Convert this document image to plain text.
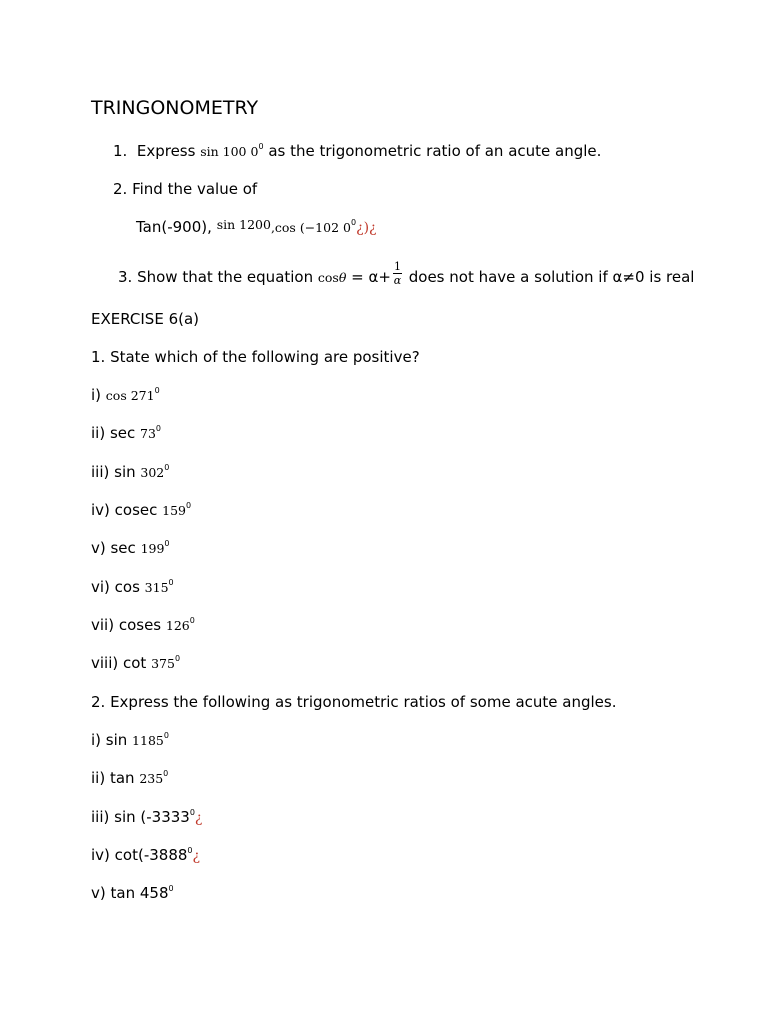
TRINGONOMETRY
1. Express sin 100 $0^0$ as the trigonometric ratio of an acute angle.
2. Find the value of
Tan(-900), $^{sin 1200}$,cos (−102 $0^0¿)¿$
3. Show that the equation $\cos\theta = \alpha+ \frac{1}{\alpha}$ does not have a solution if α≠0 is real
EXERCISE 6(a)
1. State which of the following are positive?
i) $\cos 271^0$
ii) $\sec 73^0$
iii) $\sin 302^0$
iv) cosec $159^0$
v) $\sec 199^0$
vi) $\cos 315^0$
vii) coses $126^0$
viii) $\cot 375^0$
2. Express the following as trigonometric ratios of some acute angles.
i) sin 1185$^0$
ii) $\tan 235^0$
iii) sin (-3333$^0$¿
iv) cot(-3888$^0$¿
v) $\tan 458^0$
